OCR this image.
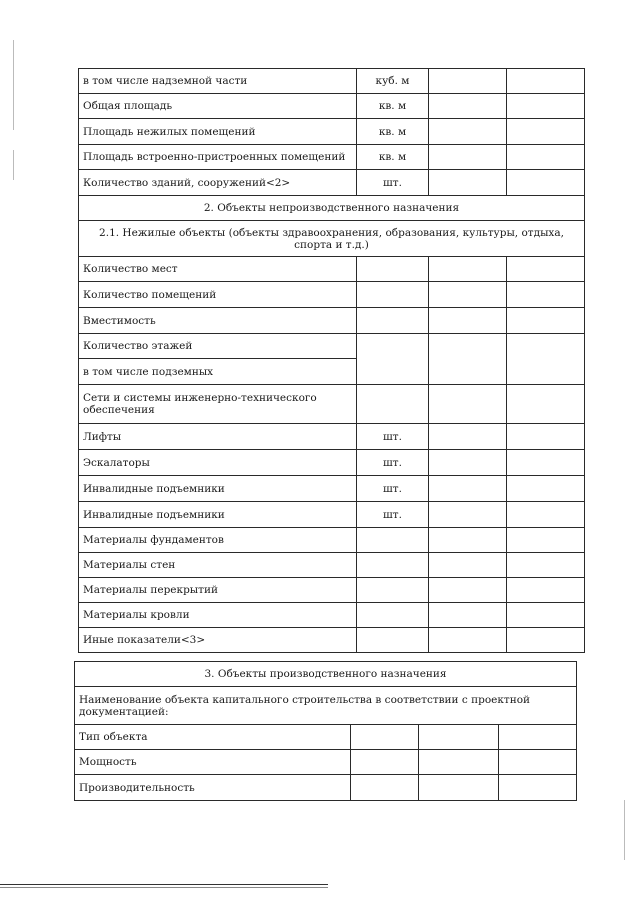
в том числе надземной части	куб. м		
Общая площадь	кв. м		
Площадь нежилых помещений	кв. м		
Площадь встроенно-пристроенных помещений	кв. м		
Количество зданий, сооружений<2>	шт.		
2. Объекты непроизводственного назначения			
2.1. Нежилые объекты (объекты здравоохранения, образования, культуры, отдыха, спорта и т.д.)			
Количество мест			
Количество помещений			
Вместимость			
Количество этажей			
в том числе подземных			
Сети и системы инженерно-технического обеспечения			
Лифты	шт.		
Эскалаторы	шт.		
Инвалидные подъемники	шт.		
Инвалидные подъемники	шт.		
Материалы фундаментов			
Материалы стен			
Материалы перекрытий			
Материалы кровли			
Иные показатели<3>			
3. Объекты производственного назначения			
Наименование объекта капитального строительства в соответствии с проектной документацией:			
Тип объекта			
Мощность			
Производительность			
